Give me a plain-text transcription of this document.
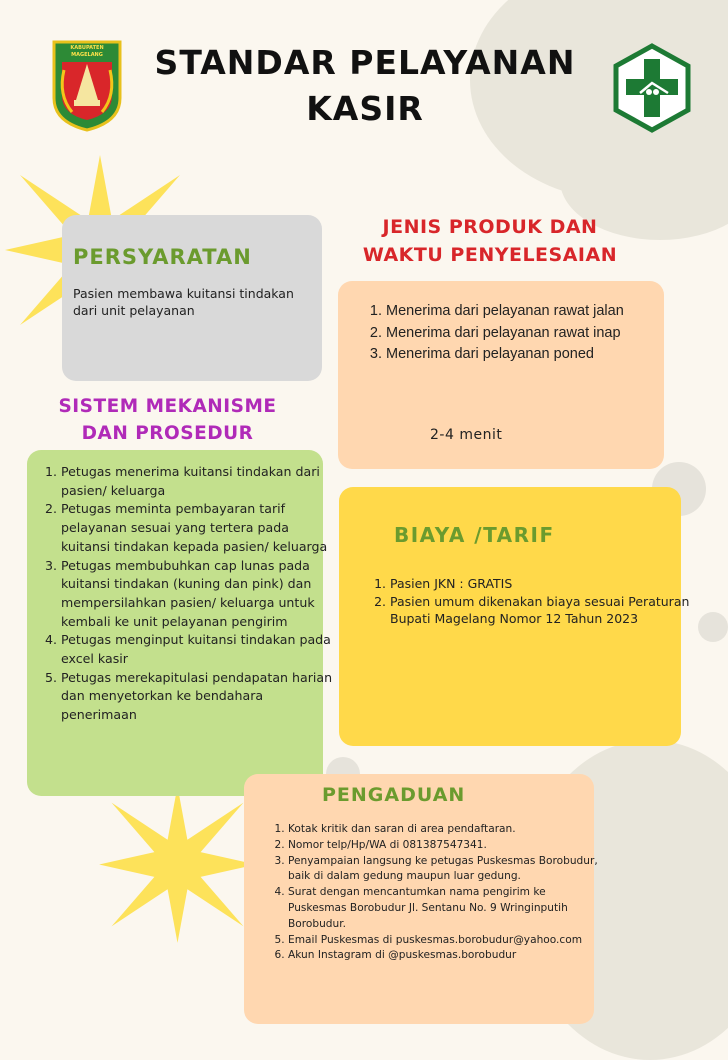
KABUPATEN
MAGELANG	STANDAR PELAYANAN
KASIR
PERSYARATAN
Pasien membawa kuitansi tindakan dari unit pelayanan
JENIS PRODUK DAN
WAKTU PENYELESAIAN
1. Menerima dari pelayanan rawat jalan
2. Menerima dari pelayanan rawat inap
3. Menerima dari pelayanan poned
2-4 menit
SISTEM MEKANISME
DAN PROSEDUR
1. Petugas menerima kuitansi tindakan dari pasien/ keluarga
2. Petugas meminta pembayaran tarif pelayanan sesuai yang tertera pada kuitansi tindakan kepada pasien/ keluarga
3. Petugas membubuhkan cap lunas pada kuitansi tindakan (kuning dan pink) dan mempersilahkan pasien/ keluarga untuk kembali ke unit pelayanan pengirim
4. Petugas menginput kuitansi tindakan pada excel kasir
5. Petugas merekapitulasi pendapatan harian dan menyetorkan ke bendahara penerimaan
BIAYA /TARIF
1. Pasien JKN : GRATIS
2. Pasien umum dikenakan biaya sesuai Peraturan Bupati Magelang Nomor 12 Tahun 2023
PENGADUAN
1. Kotak kritik dan saran di area pendaftaran.
2. Nomor telp/Hp/WA di 081387547341.
3. Penyampaian langsung ke petugas Puskesmas Borobudur, baik di dalam gedung maupun luar gedung.
4. Surat dengan mencantumkan nama pengirim ke Puskesmas Borobudur Jl. Sentanu No. 9 Wringinputih Borobudur.
5. Email Puskesmas di puskesmas.borobudur@yahoo.com
6. Akun Instagram di @puskesmas.borobudur
